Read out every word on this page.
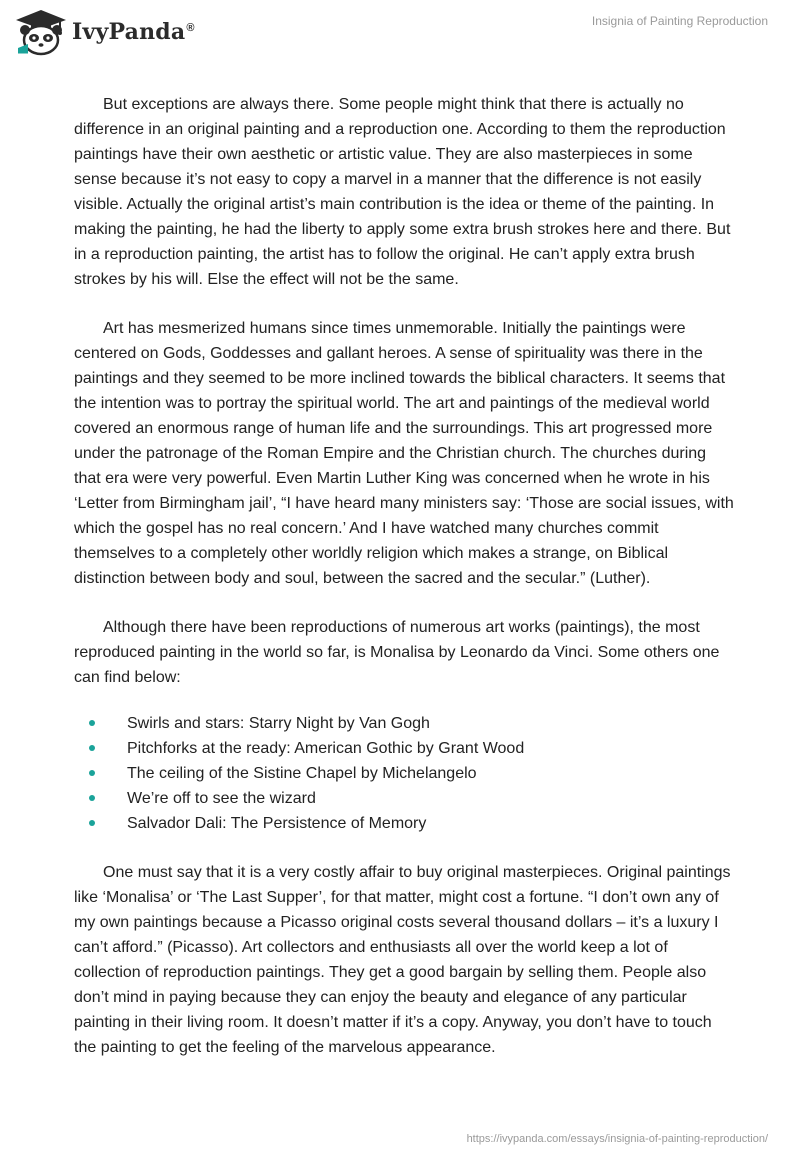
IvyPanda®	Insignia of Painting Reproduction

But exceptions are always there. Some people might think that there is actually no difference in an original painting and a reproduction one. According to them the reproduction paintings have their own aesthetic or artistic value. They are also masterpieces in some sense because it’s not easy to copy a marvel in a manner that the difference is not easily visible. Actually the original artist’s main contribution is the idea or theme of the painting. In making the painting, he had the liberty to apply some extra brush strokes here and there. But in a reproduction painting, the artist has to follow the original. He can’t apply extra brush strokes by his will. Else the effect will not be the same.

Art has mesmerized humans since times unmemorable. Initially the paintings were centered on Gods, Goddesses and gallant heroes. A sense of spirituality was there in the paintings and they seemed to be more inclined towards the biblical characters. It seems that the intention was to portray the spiritual world. The art and paintings of the medieval world covered an enormous range of human life and the surroundings. This art progressed more under the patronage of the Roman Empire and the Christian church. The churches during that era were very powerful. Even Martin Luther King was concerned when he wrote in his ‘Letter from Birmingham jail’, “I have heard many ministers say: ‘Those are social issues, with which the gospel has no real concern.’ And I have watched many churches commit themselves to a completely other worldly religion which makes a strange, on Biblical distinction between body and soul, between the sacred and the secular.” (Luther).

Although there have been reproductions of numerous art works (paintings), the most reproduced painting in the world so far, is Monalisa by Leonardo da Vinci. Some others one can find below:

Swirls and stars: Starry Night by Van Gogh
Pitchforks at the ready: American Gothic by Grant Wood
The ceiling of the Sistine Chapel by Michelangelo
We’re off to see the wizard
Salvador Dali: The Persistence of Memory

One must say that it is a very costly affair to buy original masterpieces. Original paintings like ‘Monalisa’ or ‘The Last Supper’, for that matter, might cost a fortune. “I don’t own any of my own paintings because a Picasso original costs several thousand dollars – it’s a luxury I can’t afford.” (Picasso). Art collectors and enthusiasts all over the world keep a lot of collection of reproduction paintings. They get a good bargain by selling them. People also don’t mind in paying because they can enjoy the beauty and elegance of any particular painting in their living room. It doesn’t matter if it’s a copy. Anyway, you don’t have to touch the painting to get the feeling of the marvelous appearance.

https://ivypanda.com/essays/insignia-of-painting-reproduction/
